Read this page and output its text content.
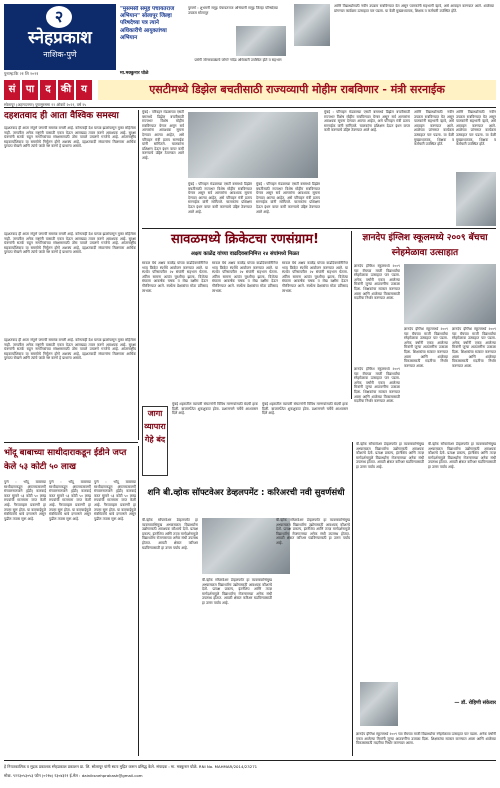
२
स्नेहप्रकाश
नाशिक-पुणे
पुनाम्ह:कि २१ शि २०२१
"मुसमंसी समूह पंचायतराज अभियान" सोलापूर जिल्हा परिषदेच्या पत्र त्याने अधिकारीचे आयुक्तांच्या अभियान
मा.मक्कुनार घोळे
पुरवणे : शुभमनी समूह पंचायतराज अभियानी समूह जिल्हा परिषदेच्या उपक्रम सोलापूर
प्रसंगी जोनरवाळ्याचे जोगरे नांदेड अधिकारी उपस्थित होते व सहभाग
आणि विद्यार्थ्यांसाठी नवीन उपक्रम राबविण्यात येत असून पालकांनी सहभागी व्हावे, असे आवाहन करण्यात आले. शाळेच्या प्रांगणात कार्यक्रम उत्साहात पार पडला. या वेळी मुख्याध्यापक, शिक्षक व कर्मचारी उपस्थित होते.
सं	पा	द	की य	एसटीमध्ये डिझेल बचतीसाठी राज्यव्यापी मोहीम राबविणार - मंत्री सरनाईक
सोलापूर (अहमदनगर) पुणसुरसमा १२ ऑक्टो २०२१, वर्ष २५
दहशतवाद ही आता वैश्विक समस्या
दहशतवाद ही आता संपूर्ण जगाची समस्या बनली आहे. कोणताही देश याच्या झळांपासून मुक्त राहिलेला नाही. जगातील अनेक राष्ट्रांनी यासाठी एकत्र येऊन आराखडा तयार करणे आवश्यक आहे. सुरक्षा यंत्रणांनी सतर्क राहून नागरिकांच्या संरक्षणासाठी ठोस पावले उचलणे गरजेचे आहे. आंतरराष्ट्रीय सहकार्याशिवाय या समस्येचे निर्मूलन होणे अशक्य आहे. दहशतवादी संघटनांना मिळणारा आर्थिक पुरवठा रोखणे आणि त्यांचे जाळे नष्ट करणे हे प्राधान्य असावे.
दहशतवाद ही आता संपूर्ण जगाची समस्या बनली आहे. कोणताही देश याच्या झळांपासून मुक्त राहिलेला नाही. जगातील अनेक राष्ट्रांनी यासाठी एकत्र येऊन आराखडा तयार करणे आवश्यक आहे. सुरक्षा यंत्रणांनी सतर्क राहून नागरिकांच्या संरक्षणासाठी ठोस पावले उचलणे गरजेचे आहे. आंतरराष्ट्रीय सहकार्याशिवाय या समस्येचे निर्मूलन होणे अशक्य आहे. दहशतवादी संघटनांना मिळणारा आर्थिक पुरवठा रोखणे आणि त्यांचे जाळे नष्ट करणे हे प्राधान्य असावे.
दहशतवाद ही आता संपूर्ण जगाची समस्या बनली आहे. कोणताही देश याच्या झळांपासून मुक्त राहिलेला नाही. जगातील अनेक राष्ट्रांनी यासाठी एकत्र येऊन आराखडा तयार करणे आवश्यक आहे. सुरक्षा यंत्रणांनी सतर्क राहून नागरिकांच्या संरक्षणासाठी ठोस पावले उचलणे गरजेचे आहे. आंतरराष्ट्रीय सहकार्याशिवाय या समस्येचे निर्मूलन होणे अशक्य आहे. दहशतवादी संघटनांना मिळणारा आर्थिक पुरवठा रोखणे आणि त्यांचे जाळे नष्ट करणे हे प्राधान्य असावे.
मुंबई : परिवहन मंडळाच्या एसटी बसमध्ये डिझेल बचतीसाठी राज्यभर विशेष मोहीम राबविण्यात येणार असून सर्व आगारांना आवश्यक सूचना देण्यात आल्या आहेत, असे परिवहन मंत्री प्रताप सरनाईक यांनी सांगितले. चालकांना प्रशिक्षण देऊन इंधन वापर कमी करण्याचे उद्दिष्ट ठेवण्यात आले आहे.
मुंबई : परिवहन मंडळाच्या एसटी बसमध्ये डिझेल बचतीसाठी राज्यभर विशेष मोहीम राबविण्यात येणार असून सर्व आगारांना आवश्यक सूचना देण्यात आल्या आहेत, असे परिवहन मंत्री प्रताप सरनाईक यांनी सांगितले. चालकांना प्रशिक्षण देऊन इंधन वापर कमी करण्याचे उद्दिष्ट ठेवण्यात आले आहे.
मुंबई : परिवहन मंडळाच्या एसटी बसमध्ये डिझेल बचतीसाठी राज्यभर विशेष मोहीम राबविण्यात येणार असून सर्व आगारांना आवश्यक सूचना देण्यात आल्या आहेत, असे परिवहन मंत्री प्रताप सरनाईक यांनी सांगितले. चालकांना प्रशिक्षण देऊन इंधन वापर कमी करण्याचे उद्दिष्ट ठेवण्यात आले आहे.
मुंबई : परिवहन मंडळाच्या एसटी बसमध्ये डिझेल बचतीसाठी राज्यभर विशेष मोहीम राबविण्यात येणार असून सर्व आगारांना आवश्यक सूचना देण्यात आल्या आहेत, असे परिवहन मंत्री प्रताप सरनाईक यांनी सांगितले. चालकांना प्रशिक्षण देऊन इंधन वापर कमी करण्याचे उद्दिष्ट ठेवण्यात आले आहे.
आणि विद्यार्थ्यांसाठी नवीन उपक्रम राबविण्यात येत असून पालकांनी सहभागी व्हावे, असे आवाहन करण्यात आले. शाळेच्या प्रांगणात कार्यक्रम उत्साहात पार पडला. या वेळी मुख्याध्यापक, शिक्षक व कर्मचारी उपस्थित होते.
आणि विद्यार्थ्यांसाठी नवीन उपक्रम राबविण्यात येत असून पालकांनी सहभागी व्हावे, असे आवाहन करण्यात आले. शाळेच्या प्रांगणात कार्यक्रम उत्साहात पार पडला. या वेळी मुख्याध्यापक, शिक्षक व कर्मचारी उपस्थित होते.
सावळमध्ये क्रिकेटचा रणसंग्राम!
अक्षय काळेंद्र यांच्या वाढदिवसानिमित्त २४ संघांमध्ये मिळत
सावळ येथे अक्षय काळेंद्र यांच्या वाढदिवसानिमित्त भव्य क्रिकेट स्पर्धेचे आयोजन करण्यात आले. या स्पर्धेत परिसरातील २४ संघांनी सहभाग घेतला. अंतिम सामना अत्यंत चुरशीचा झाला. विजेत्या संघाला आकर्षक चषक व रोख बक्षीस देऊन गौरविण्यात आले. स्पर्धेला प्रेक्षकांचा मोठा प्रतिसाद लाभला.
सावळ येथे अक्षय काळेंद्र यांच्या वाढदिवसानिमित्त भव्य क्रिकेट स्पर्धेचे आयोजन करण्यात आले. या स्पर्धेत परिसरातील २४ संघांनी सहभाग घेतला. अंतिम सामना अत्यंत चुरशीचा झाला. विजेत्या संघाला आकर्षक चषक व रोख बक्षीस देऊन गौरविण्यात आले. स्पर्धेला प्रेक्षकांचा मोठा प्रतिसाद लाभला.
सावळ येथे अक्षय काळेंद्र यांच्या वाढदिवसानिमित्त भव्य क्रिकेट स्पर्धेचे आयोजन करण्यात आले. या स्पर्धेत परिसरातील २४ संघांनी सहभाग घेतला. अंतिम सामना अत्यंत चुरशीचा झाला. विजेत्या संघाला आकर्षक चषक व रोख बक्षीस देऊन गौरविण्यात आले. स्पर्धेला प्रेक्षकांचा मोठा प्रतिसाद लाभला.
ज्ञानदेप इंग्लिश स्कूलमध्ये २००९ बॅचचा स्नेहमेळावा उत्साहात
ज्ञानदेप इंग्लिश स्कूलमध्ये २००९ च्या बॅचच्या माजी विद्यार्थ्यांचा स्नेहमेळावा उत्साहात पार पडला. अनेक वर्षांनी एकत्र आलेल्या मित्रांनी जुन्या आठवणींना उजाळा दिला. शिक्षकांचा सत्कार करण्यात आला आणि शाळेच्या विकासासाठी मदतीचा निर्धार करण्यात आला.
ज्ञानदेप इंग्लिश स्कूलमध्ये २००९ च्या बॅचच्या माजी विद्यार्थ्यांचा स्नेहमेळावा उत्साहात पार पडला. अनेक वर्षांनी एकत्र आलेल्या मित्रांनी जुन्या आठवणींना उजाळा दिला. शिक्षकांचा सत्कार करण्यात आला आणि शाळेच्या विकासासाठी मदतीचा निर्धार करण्यात आला.
ज्ञानदेप इंग्लिश स्कूलमध्ये २००९ च्या बॅचच्या माजी विद्यार्थ्यांचा स्नेहमेळावा उत्साहात पार पडला. अनेक वर्षांनी एकत्र आलेल्या मित्रांनी जुन्या आठवणींना उजाळा दिला. शिक्षकांचा सत्कार करण्यात आला आणि शाळेच्या विकासासाठी मदतीचा निर्धार करण्यात आला.
ज्ञानदेप इंग्लिश स्कूलमध्ये २००९ च्या बॅचच्या माजी विद्यार्थ्यांचा स्नेहमेळावा उत्साहात पार पडला. अनेक वर्षांनी एकत्र आलेल्या मित्रांनी जुन्या आठवणींना उजाळा दिला. शिक्षकांचा सत्कार करण्यात आला आणि शाळेच्या विकासासाठी मदतीचा निर्धार करण्यात आला.
जागा व्यापारा गेहे बंद
मुंबई शहरातील व्यापारी संघटनांनी विविध मागण्यांसाठी बंदची हाक दिली. बाजारपेठेत शुकशुकाट होता. प्रशासनाने चर्चेचे आश्वासन दिले आहे.
मुंबई शहरातील व्यापारी संघटनांनी विविध मागण्यांसाठी बंदची हाक दिली. बाजारपेठेत शुकशुकाट होता. प्रशासनाने चर्चेचे आश्वासन दिले आहे.
भोंदू बाबाच्या साथीदाराकडून ईडीने जप्त केले ५३ कोटी ५० लाख
पुणे : भोंदू बाबाच्या साथीदाराकडून अंमलबजावणी संचालनालयाने (ईडी) कारवाई करत सुमारे ५३ कोटी ५० लाख रुपयांची मालमत्ता जप्त केली आहे. गैरव्यवहार प्रकरणी हा तपास सुरू होता. या कारवाईमुळे संबंधितांचे धाबे दणाणले असून पुढील तपास सुरू आहे.
पुणे : भोंदू बाबाच्या साथीदाराकडून अंमलबजावणी संचालनालयाने (ईडी) कारवाई करत सुमारे ५३ कोटी ५० लाख रुपयांची मालमत्ता जप्त केली आहे. गैरव्यवहार प्रकरणी हा तपास सुरू होता. या कारवाईमुळे संबंधितांचे धाबे दणाणले असून पुढील तपास सुरू आहे.
पुणे : भोंदू बाबाच्या साथीदाराकडून अंमलबजावणी संचालनालयाने (ईडी) कारवाई करत सुमारे ५३ कोटी ५० लाख रुपयांची मालमत्ता जप्त केली आहे. गैरव्यवहार प्रकरणी हा तपास सुरू होता. या कारवाईमुळे संबंधितांचे धाबे दणाणले असून पुढील तपास सुरू आहे.
शनि बी.व्होक सॉफ्टवेअर डेव्हलपमेंट : करिअरची नवी सुवर्णसंधी
बी.व्होक सॉफ्टवेअर डेव्हलपमेंट हा व्यवसायाभिमुख अभ्यासक्रम विद्यार्थ्यांना उद्योगासाठी आवश्यक कौशल्ये देतो. प्रत्यक्ष प्रकल्प, इंटर्नशिप आणि तज्ज्ञ मार्गदर्शनामुळे विद्यार्थ्यांना रोजगाराच्या अनेक संधी उपलब्ध होतात. आयटी क्षेत्रात करिअर घडविण्यासाठी हा उत्तम पर्याय आहे.
बी.व्होक सॉफ्टवेअर डेव्हलपमेंट हा व्यवसायाभिमुख अभ्यासक्रम विद्यार्थ्यांना उद्योगासाठी आवश्यक कौशल्ये देतो. प्रत्यक्ष प्रकल्प, इंटर्नशिप आणि तज्ज्ञ मार्गदर्शनामुळे विद्यार्थ्यांना रोजगाराच्या अनेक संधी उपलब्ध होतात. आयटी क्षेत्रात करिअर घडविण्यासाठी हा उत्तम पर्याय आहे.
बी.व्होक सॉफ्टवेअर डेव्हलपमेंट हा व्यवसायाभिमुख अभ्यासक्रम विद्यार्थ्यांना उद्योगासाठी आवश्यक कौशल्ये देतो. प्रत्यक्ष प्रकल्प, इंटर्नशिप आणि तज्ज्ञ मार्गदर्शनामुळे विद्यार्थ्यांना रोजगाराच्या अनेक संधी उपलब्ध होतात. आयटी क्षेत्रात करिअर घडविण्यासाठी हा उत्तम पर्याय आहे.
बी.व्होक सॉफ्टवेअर डेव्हलपमेंट हा व्यवसायाभिमुख अभ्यासक्रम विद्यार्थ्यांना उद्योगासाठी आवश्यक कौशल्ये देतो. प्रत्यक्ष प्रकल्प, इंटर्नशिप आणि तज्ज्ञ मार्गदर्शनामुळे विद्यार्थ्यांना रोजगाराच्या अनेक संधी उपलब्ध होतात. आयटी क्षेत्रात करिअर घडविण्यासाठी हा उत्तम पर्याय आहे.
बी.व्होक सॉफ्टवेअर डेव्हलपमेंट हा व्यवसायाभिमुख अभ्यासक्रम विद्यार्थ्यांना उद्योगासाठी आवश्यक कौशल्ये देतो. प्रत्यक्ष प्रकल्प, इंटर्नशिप आणि तज्ज्ञ मार्गदर्शनामुळे विद्यार्थ्यांना रोजगाराच्या अनेक संधी उपलब्ध होतात. आयटी क्षेत्रात करिअर घडविण्यासाठी हा उत्तम पर्याय आहे.
— डॉ. रोहिणी संकेवार
ज्ञानदेप इंग्लिश स्कूलमध्ये २००९ च्या बॅचच्या माजी विद्यार्थ्यांचा स्नेहमेळावा उत्साहात पार पडला. अनेक वर्षांनी एकत्र आलेल्या मित्रांनी जुन्या आठवणींना उजाळा दिला. शिक्षकांचा सत्कार करण्यात आला आणि शाळेच्या विकासासाठी मदतीचा निर्धार करण्यात आला.
हे नियतकालिक व मुद्रक प्रकाशक स्नेहप्रकाश प्रकाशन प्रा. लि. सोलापूर यांनी स्वतः मुद्रित करून प्रसिद्ध केले. संपादक : मा. मक्कुनार घोळे. RNI No. MAHMAR/2014/23271
मोबा. ९२२३०५३०५३ फोन (०२१७) २३०४३२१ ई-मेल : dainiksnehprakash@gmail.com
